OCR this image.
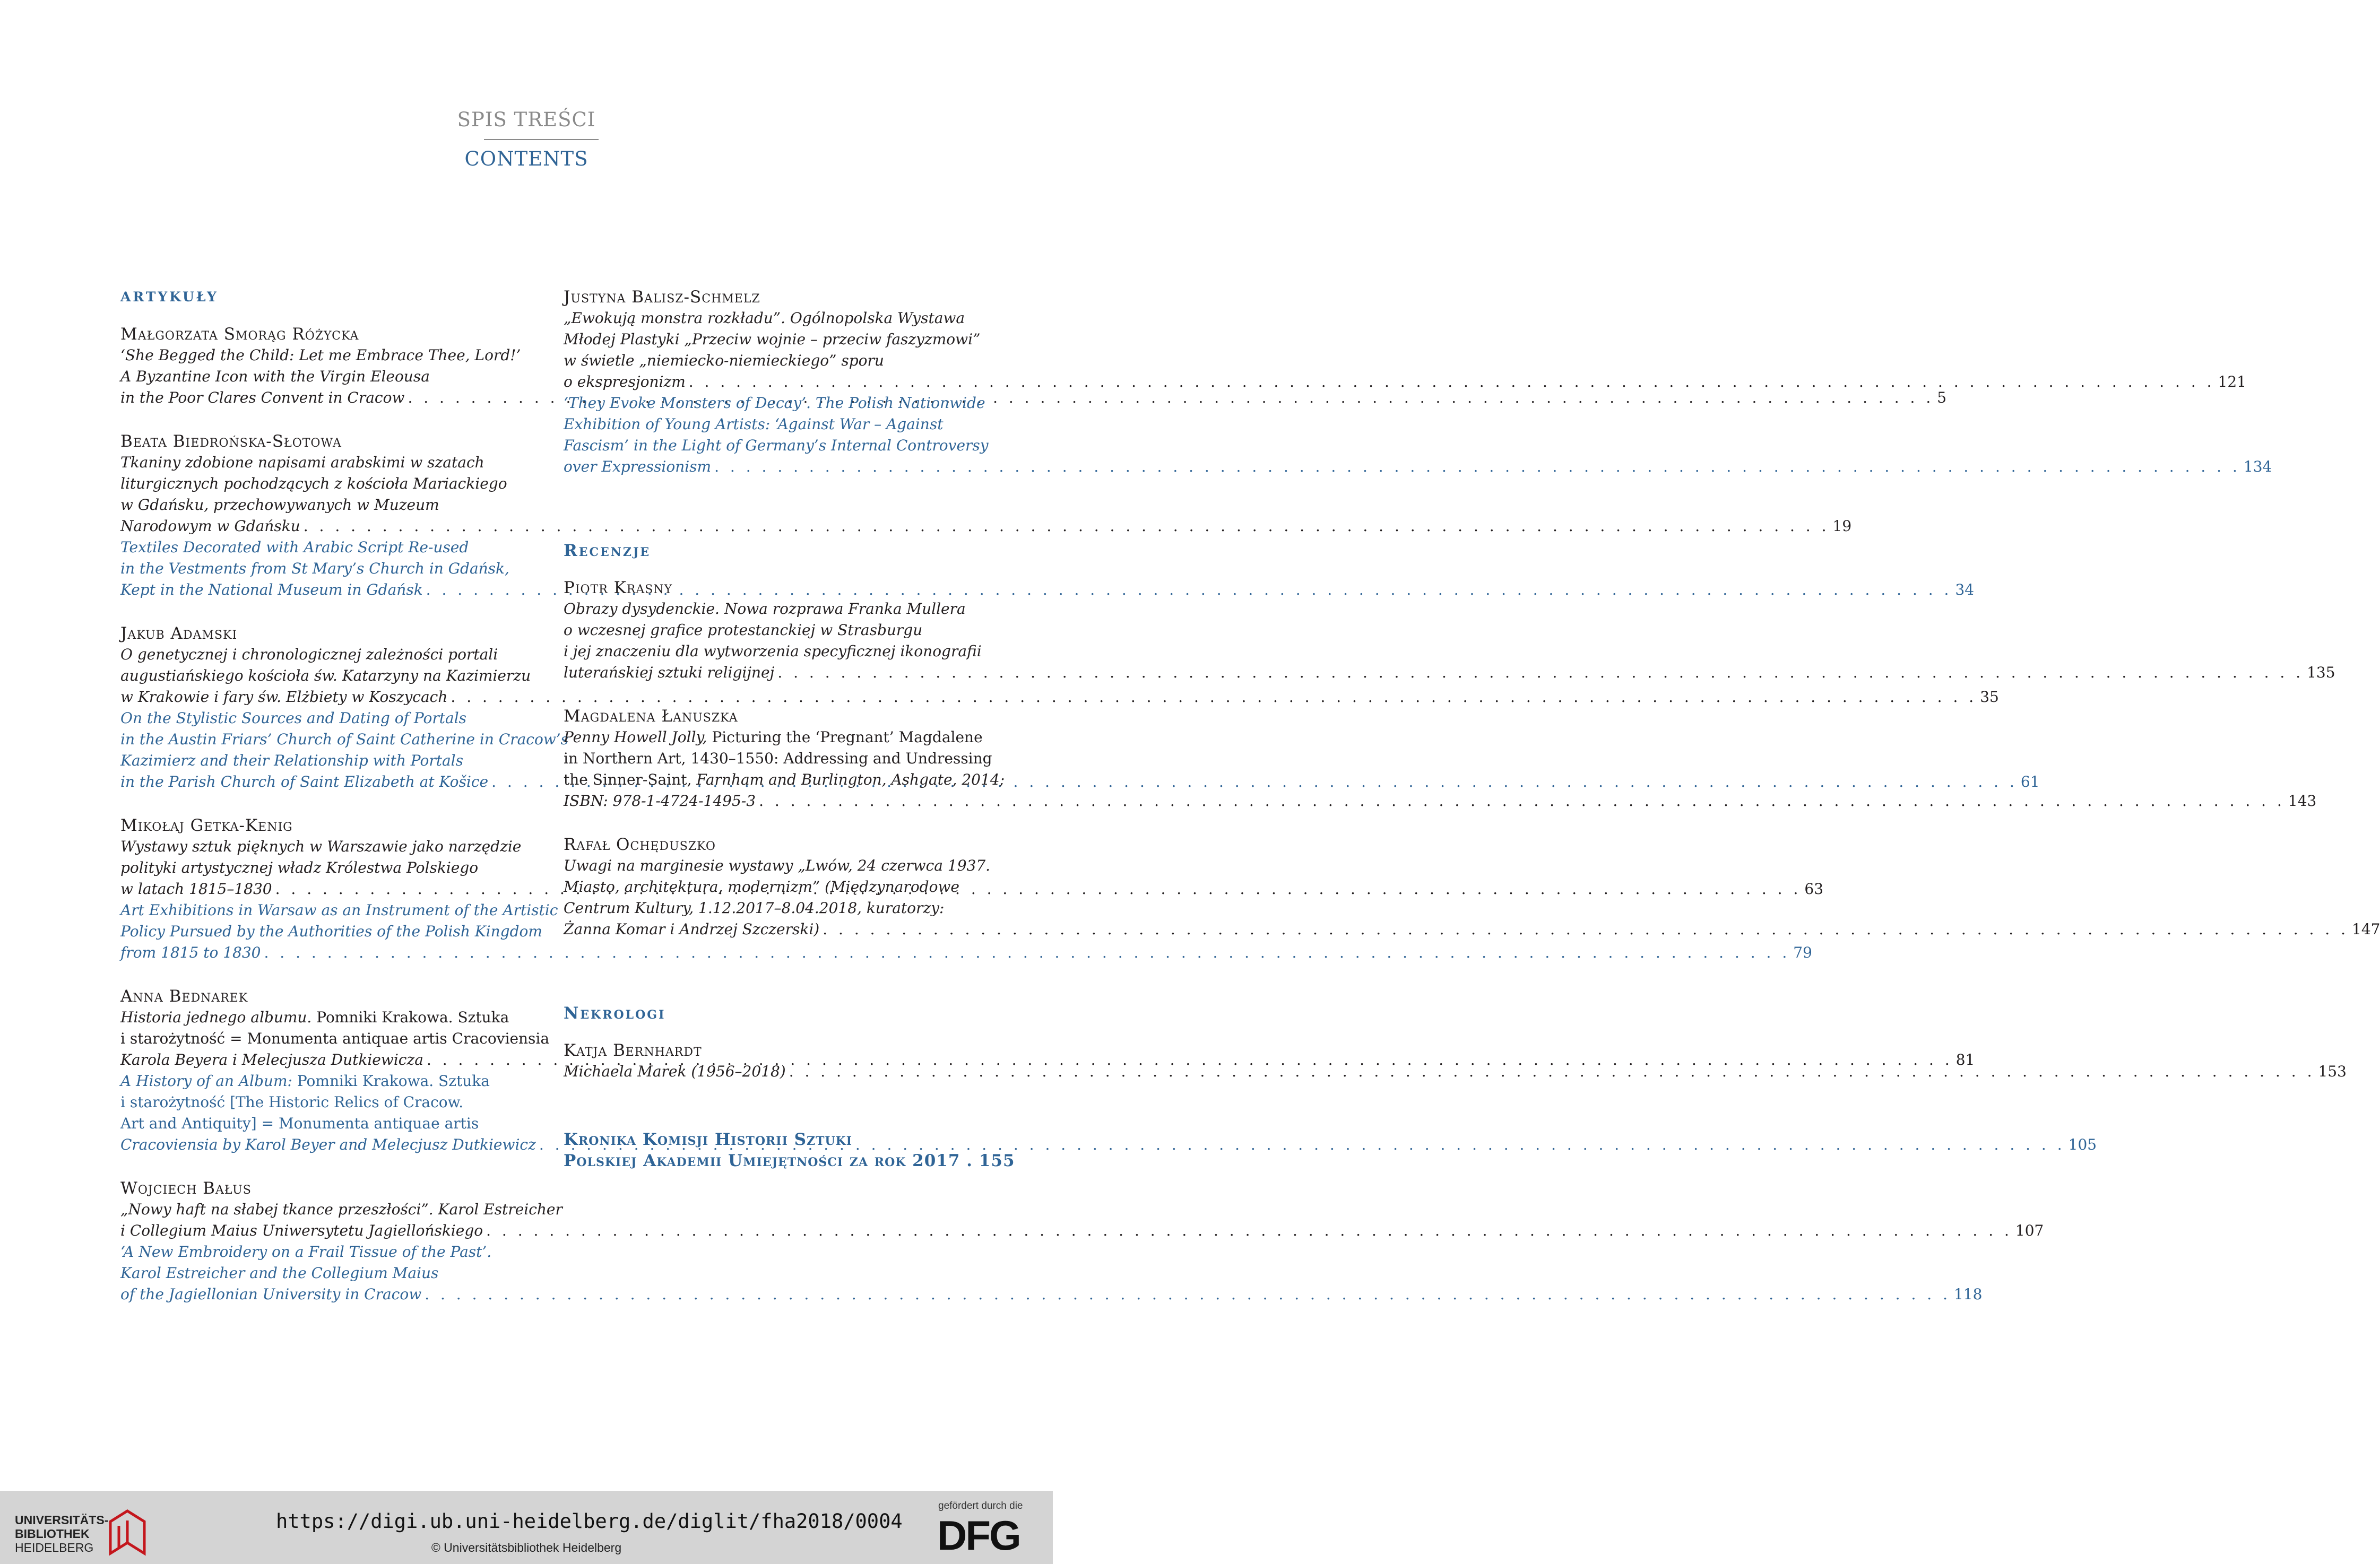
SPIS TREŚCI
CONTENTS
ARTYKUŁY
Małgorzata Smorąg Różycka
‘She Begged the Child: Let me Embrace Thee, Lord!’
A Byzantine Icon with the Virgin Eleousa
in the Poor Clares Convent in Cracow . . .	5
Beata Biedrońska-Słotowa
Tkaniny zdobione napisami arabskimi w szatach
liturgicznych pochodzących z kościoła Mariackiego
w Gdańsku, przechowywanych w Muzeum
Narodowym w Gdańsku . . .	19
Textiles Decorated with Arabic Script Re-used
in the Vestments from St Mary’s Church in Gdańsk,
Kept in the National Museum in Gdańsk . . .	34
Jakub Adamski
O genetycznej i chronologicznej zależności portali
augustiańskiego kościoła św. Katarzyny na Kazimierzu
w Krakowie i fary św. Elżbiety w Koszycach . . .	35
On the Stylistic Sources and Dating of Portals
in the Austin Friars’ Church of Saint Catherine in Cracow’s
Kazimierz and their Relationship with Portals
in the Parish Church of Saint Elizabeth at Košice . . .	61
Mikołaj Getka-Kenig
Wystawy sztuk pięknych w Warszawie jako narzędzie
polityki artystycznej władz Królestwa Polskiego
w latach 1815–1830 . . .	63
Art Exhibitions in Warsaw as an Instrument of the Artistic
Policy Pursued by the Authorities of the Polish Kingdom
from 1815 to 1830 . . .	79
Anna Bednarek
Historia jednego albumu. Pomniki Krakowa. Sztuka
i starożytność = Monumenta antiquae artis Cracoviensia
Karola Beyera i Melecjusza Dutkiewicza . . .	81
A History of an Album: Pomniki Krakowa. Sztuka
i starożytność [The Historic Relics of Cracow.
Art and Antiquity] = Monumenta antiquae artis
Cracoviensia by Karol Beyer and Melecjusz Dutkiewicz . . .	105
Wojciech Bałus
„Nowy haft na słabej tkance przeszłości”. Karol Estreicher
i Collegium Maius Uniwersytetu Jagiellońskiego . . .	107
‘A New Embroidery on a Frail Tissue of the Past’.
Karol Estreicher and the Collegium Maius
of the Jagiellonian University in Cracow . . .	118
Justyna Balisz-Schmelz
„Ewokują monstra rozkładu”. Ogólnopolska Wystawa
Młodej Plastyki „Przeciw wojnie – przeciw faszyzmowi”
w świetle „niemiecko-niemieckiego” sporu
o ekspresjonizm . . .	121
‘They Evoke Monsters of Decay’. The Polish Nationwide
Exhibition of Young Artists: ‘Against War – Against
Fascism’ in the Light of Germany’s Internal Controversy
over Expressionism . . .	134
Recenzje
Piotr Krasny
Obrazy dysydenckie. Nowa rozprawa Franka Mullera
o wczesnej grafice protestanckiej w Strasburgu
i jej znaczeniu dla wytworzenia specyficznej ikonografii
luterańskiej sztuki religijnej . . .	135
Magdalena Łanuszka
Penny Howell Jolly, Picturing the ‘Pregnant’ Magdalene
in Northern Art, 1430–1550: Addressing and Undressing
the Sinner-Saint, Farnham and Burlington, Ashgate, 2014;
ISBN: 978-1-4724-1495-3 . . .	143
Rafał Ochęduszko
Uwagi na marginesie wystawy „Lwów, 24 czerwca 1937.
Miasto, architektura, modernizm” (Międzynarodowe
Centrum Kultury, 1.12.2017–8.04.2018, kuratorzy:
Żanna Komar i Andrzej Szczerski) . . .	147
Nekrologi
Katja Bernhardt
Michaela Marek (1956–2018) . . .	153
Kronika Komisji Historii Sztuki
Polskiej Akademii Umiejętności za rok 2017 . 155
UNIVERSITÄTS-
BIBLIOTHEK
HEIDELBERG
https://digi.ub.uni-heidelberg.de/diglit/fha2018/0004
© Universitätsbibliothek Heidelberg
gefördert durch die
DFG
